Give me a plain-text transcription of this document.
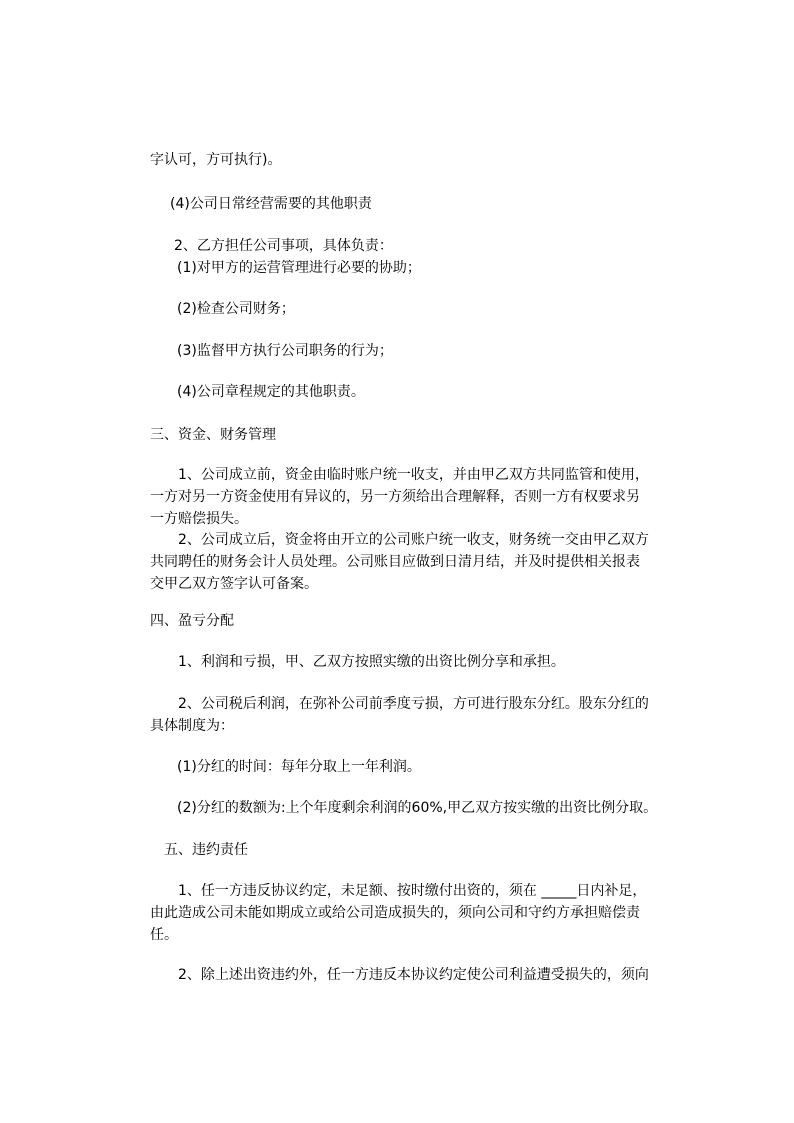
字认可，方可执行)。
(4)公司日常经营需要的其他职责
2、乙方担任公司事项，具体负责：
(1)对甲方的运营管理进行必要的协助；
(2)检查公司财务；
(3)监督甲方执行公司职务的行为；
(4)公司章程规定的其他职责。
三、资金、财务管理
1、公司成立前，资金由临时账户统一收支，并由甲乙双方共同监管和使用，
一方对另一方资金使用有异议的，另一方须给出合理解释，否则一方有权要求另
一方赔偿损失。
2、公司成立后，资金将由开立的公司账户统一收支，财务统一交由甲乙双方
共同聘任的财务会计人员处理。公司账目应做到日清月结，并及时提供相关报表
交甲乙双方签字认可备案。
四、盈亏分配
1、利润和亏损，甲、乙双方按照实缴的出资比例分享和承担。
2、公司税后利润，在弥补公司前季度亏损，方可进行股东分红。股东分红的
具体制度为：
(1)分红的时间：每年分取上一年利润。
(2)分红的数额为:上个年度剩余利润的60%,甲乙双方按实缴的出资比例分取。
五、违约责任
1、任一方违反协议约定，未足额、按时缴付出资的，须在 _____日内补足，
由此造成公司未能如期成立或给公司造成损失的，须向公司和守约方承担赔偿责
任。
2、除上述出资违约外，任一方违反本协议约定使公司利益遭受损失的，须向
